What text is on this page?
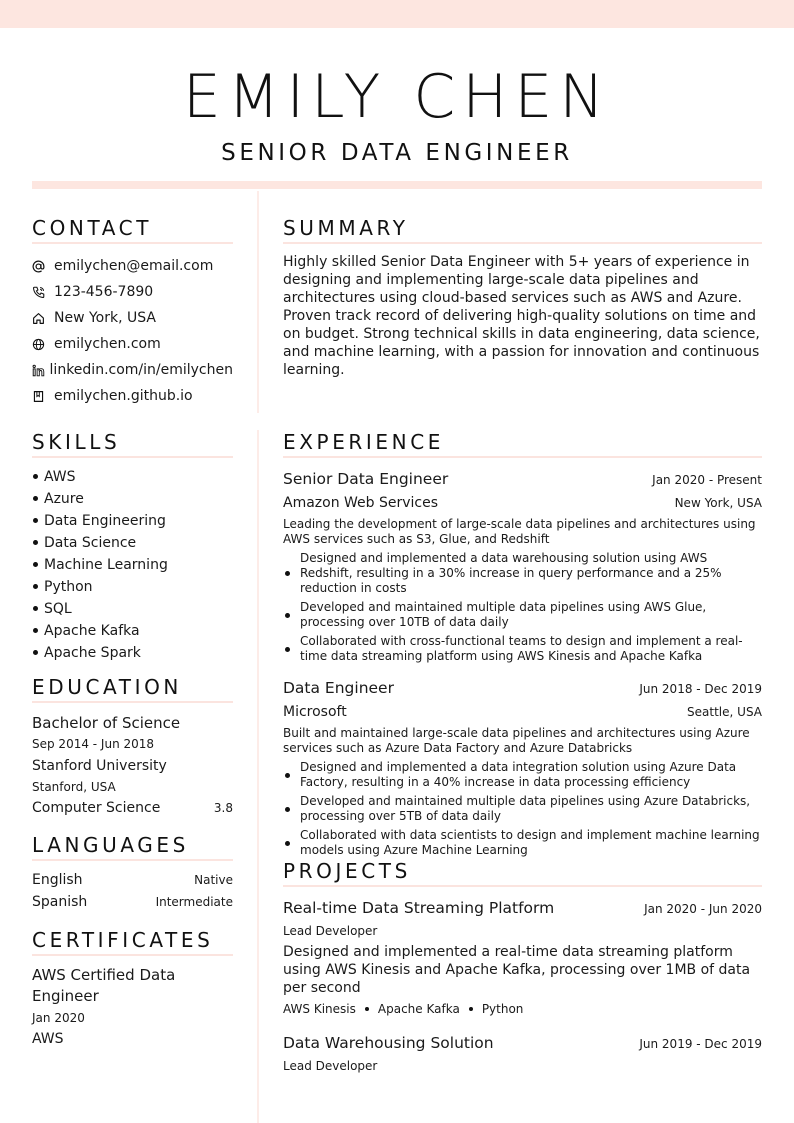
EMILY CHEN
SENIOR DATA ENGINEER
CONTACT
emilychen@email.com
123-456-7890
New York, USA
emilychen.com
linkedin.com/in/emilychen
emilychen.github.io
SKILLS
AWS
Azure
Data Engineering
Data Science
Machine Learning
Python
SQL
Apache Kafka
Apache Spark
EDUCATION
Bachelor of Science
Sep 2014 - Jun 2018
Stanford University
Stanford, USA
Computer Science	3.8
LANGUAGES
English	Native
Spanish	Intermediate
CERTIFICATES
AWS Certified Data Engineer
Jan 2020
AWS
SUMMARY
Highly skilled Senior Data Engineer with 5+ years of experience in designing and implementing large-scale data pipelines and architectures using cloud-based services such as AWS and Azure. Proven track record of delivering high-quality solutions on time and on budget. Strong technical skills in data engineering, data science, and machine learning, with a passion for innovation and continuous learning.
EXPERIENCE
Senior Data Engineer	Jan 2020 - Present
Amazon Web Services	New York, USA
Leading the development of large-scale data pipelines and architectures using AWS services such as S3, Glue, and Redshift
Designed and implemented a data warehousing solution using AWS Redshift, resulting in a 30% increase in query performance and a 25% reduction in costs
Developed and maintained multiple data pipelines using AWS Glue, processing over 10TB of data daily
Collaborated with cross-functional teams to design and implement a real-time data streaming platform using AWS Kinesis and Apache Kafka
Data Engineer	Jun 2018 - Dec 2019
Microsoft	Seattle, USA
Built and maintained large-scale data pipelines and architectures using Azure services such as Azure Data Factory and Azure Databricks
Designed and implemented a data integration solution using Azure Data Factory, resulting in a 40% increase in data processing efficiency
Developed and maintained multiple data pipelines using Azure Databricks, processing over 5TB of data daily
Collaborated with data scientists to design and implement machine learning models using Azure Machine Learning
PROJECTS
Real-time Data Streaming Platform	Jan 2020 - Jun 2020
Lead Developer
Designed and implemented a real-time data streaming platform using AWS Kinesis and Apache Kafka, processing over 1MB of data per second
AWS Kinesis Apache Kafka Python
Data Warehousing Solution	Jun 2019 - Dec 2019
Lead Developer
